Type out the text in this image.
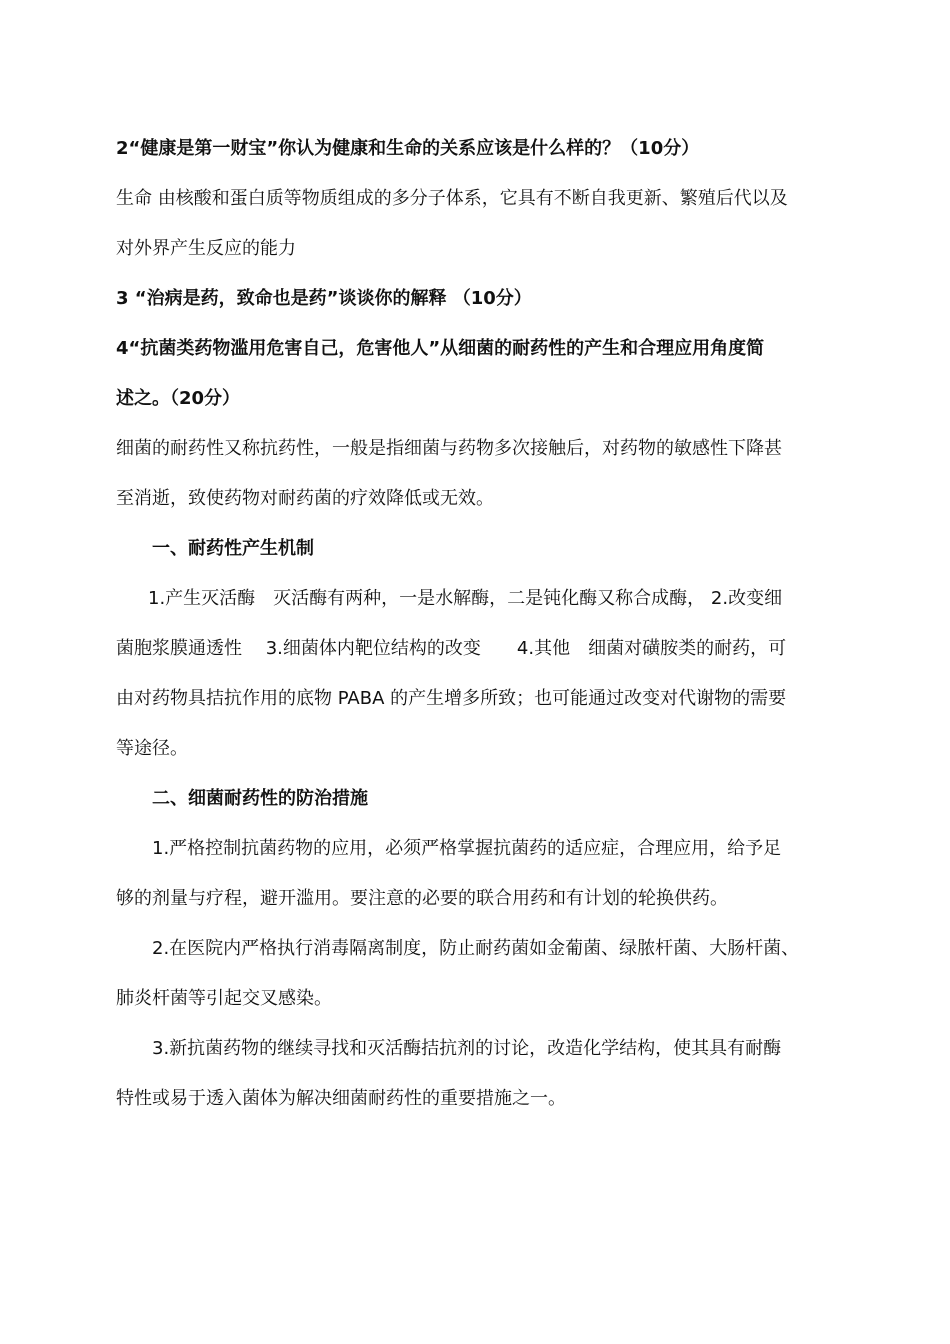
2“健康是第一财宝”你认为健康和生命的关系应该是什么样的？（10分）
生命 由核酸和蛋白质等物质组成的多分子体系，它具有不断自我更新、繁殖后代以及
对外界产生反应的能力
3 “治病是药，致命也是药”谈谈你的解释 （10分）
4“抗菌类药物滥用危害自己，危害他人”从细菌的耐药性的产生和合理应用角度简
述之。（20分）
细菌的耐药性又称抗药性，一般是指细菌与药物多次接触后，对药物的敏感性下降甚
至消逝，致使药物对耐药菌的疗效降低或无效。
一、耐药性产生机制
1.产生灭活酶　灭活酶有两种，一是水解酶，二是钝化酶又称合成酶， 2.改变细
菌胞浆膜通透性　 3.细菌体内靶位结构的改变　　4.其他　细菌对磺胺类的耐药，可
由对药物具拮抗作用的底物 PABA 的产生增多所致；也可能通过改变对代谢物的需要
等途径。
二、细菌耐药性的防治措施
1.严格控制抗菌药物的应用，必须严格掌握抗菌药的适应症，合理应用，给予足
够的剂量与疗程，避开滥用。要注意的必要的联合用药和有计划的轮换供药。
2.在医院内严格执行消毒隔离制度，防止耐药菌如金葡菌、绿脓杆菌、大肠杆菌、
肺炎杆菌等引起交叉感染。
3.新抗菌药物的继续寻找和灭活酶拮抗剂的讨论，改造化学结构，使其具有耐酶
特性或易于透入菌体为解决细菌耐药性的重要措施之一。
